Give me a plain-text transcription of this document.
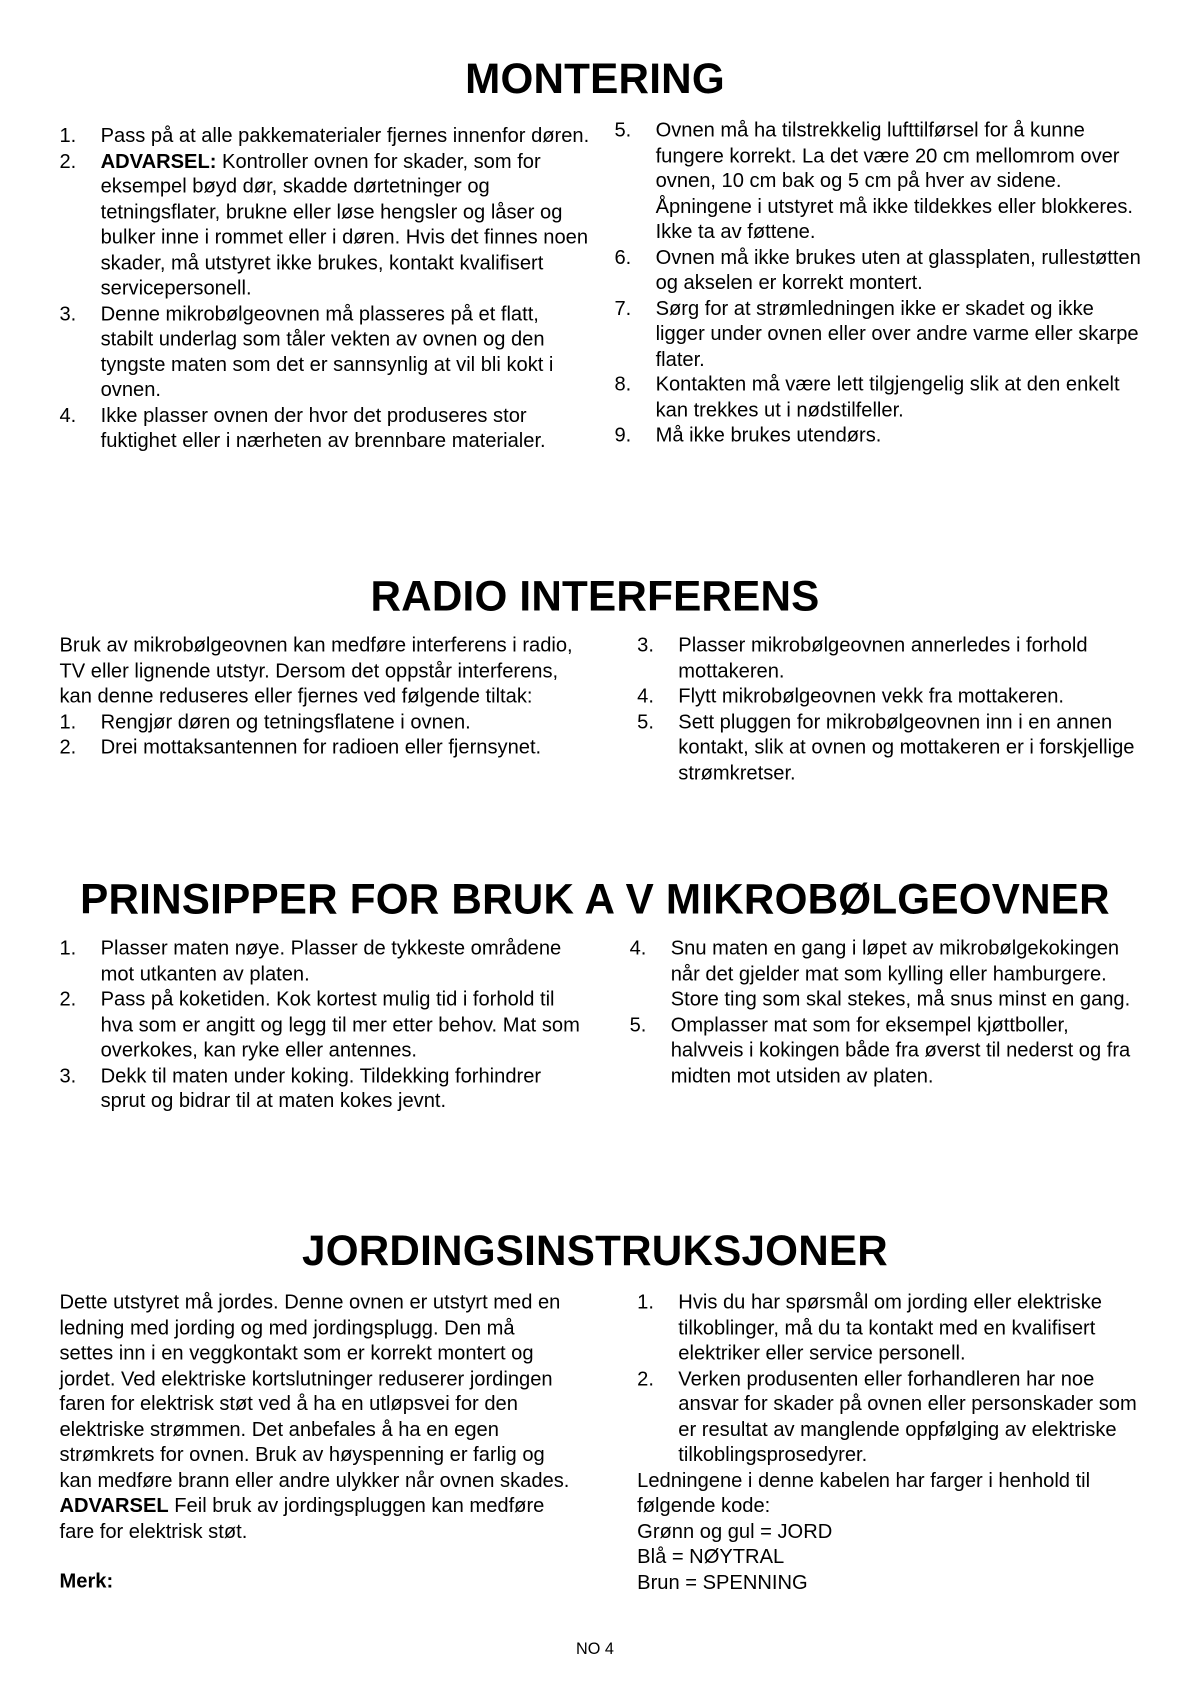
MONTERING
1. Pass på at alle pakkematerialer fjernes innenfor døren.
2. ADVARSEL: Kontroller ovnen for skader, som for eksempel bøyd dør, skadde dørtetninger og tetningsflater, brukne eller løse hengsler og låser og bulker inne i rommet eller i døren. Hvis det finnes noen skader, må utstyret ikke brukes, kontakt kvalifisert servicepersonell.
3. Denne mikrobølgeovnen må plasseres på et flatt, stabilt underlag som tåler vekten av ovnen og den tyngste maten som det er sannsynlig at vil bli kokt i ovnen.
4. Ikke plasser ovnen der hvor det produseres stor fuktighet eller i nærheten av brennbare materialer.
5. Ovnen må ha tilstrekkelig lufttilførsel for å kunne fungere korrekt. La det være 20 cm mellomrom over ovnen, 10 cm bak og 5 cm på hver av sidene. Åpningene i utstyret må ikke tildekkes eller blokkeres. Ikke ta av føttene.
6. Ovnen må ikke brukes uten at glassplaten, rullestøtten og akselen er korrekt montert.
7. Sørg for at strømledningen ikke er skadet og ikke ligger under ovnen eller over andre varme eller skarpe flater.
8. Kontakten må være lett tilgjengelig slik at den enkelt kan trekkes ut i nødstilfeller.
9. Må ikke brukes utendørs.
RADIO INTERFERENS

Bruk av mikrobølgeovnen kan medføre interferens i radio, TV eller lignende utstyr. Dersom det oppstår interferens, kan denne reduseres eller fjernes ved følgende tiltak:

1. Rengjør døren og tetningsflatene i ovnen.
2. Drei mottaksantennen for radioen eller fjernsynet.
3. Plasser mikrobølgeovnen annerledes i forhold mottakeren.
4. Flytt mikrobølgeovnen vekk fra mottakeren.
5. Sett pluggen for mikrobølgeovnen inn i en annen kontakt, slik at ovnen og mottakeren er i forskjellige strømkretser.
PRINSIPPER FOR BRUK A V MIKROBØLGEOVNER
1. Plasser maten nøye. Plasser de tykkeste områdene mot utkanten av platen.
2. Pass på koketiden. Kok kortest mulig tid i forhold til hva som er angitt og legg til mer etter behov. Mat som overkokes, kan ryke eller antennes.
3. Dekk til maten under koking. Tildekking forhindrer sprut og bidrar til at maten kokes jevnt.
4. Snu maten en gang i løpet av mikrobølgekokingen når det gjelder mat som kylling eller hamburgere. Store ting som skal stekes, må snus minst en gang.
5. Omplasser mat som for eksempel kjøttboller, halvveis i kokingen både fra øverst til nederst og fra midten mot utsiden av platen.
JORDINGSINSTRUKSJONER

Dette utstyret må jordes. Denne ovnen er utstyrt med en ledning med jording og med jordingsplugg. Den må settes inn i en veggkontakt som er korrekt montert og jordet. Ved elektriske kortslutninger reduserer jordingen faren for elektrisk støt ved å ha en utløpsvei for den elektriske strømmen. Det anbefales å ha en egen strømkrets for ovnen. Bruk av høyspenning er farlig og kan medføre brann eller andre ulykker når ovnen skades.

ADVARSEL Feil bruk av jordingspluggen kan medføre fare for elektrisk støt.

Merk:

1. Hvis du har spørsmål om jording eller elektriske tilkoblinger, må du ta kontakt med en kvalifisert elektriker eller service personell.
2. Verken produsenten eller forhandleren har noe ansvar for skader på ovnen eller personskader som er resultat av manglende oppfølging av elektriske tilkoblingsprosedyrer.

Ledningene i denne kabelen har farger i henhold til følgende kode:

Grønn og gul = JORD
Blå = NØYTRAL
Brun = SPENNING
NO 4
